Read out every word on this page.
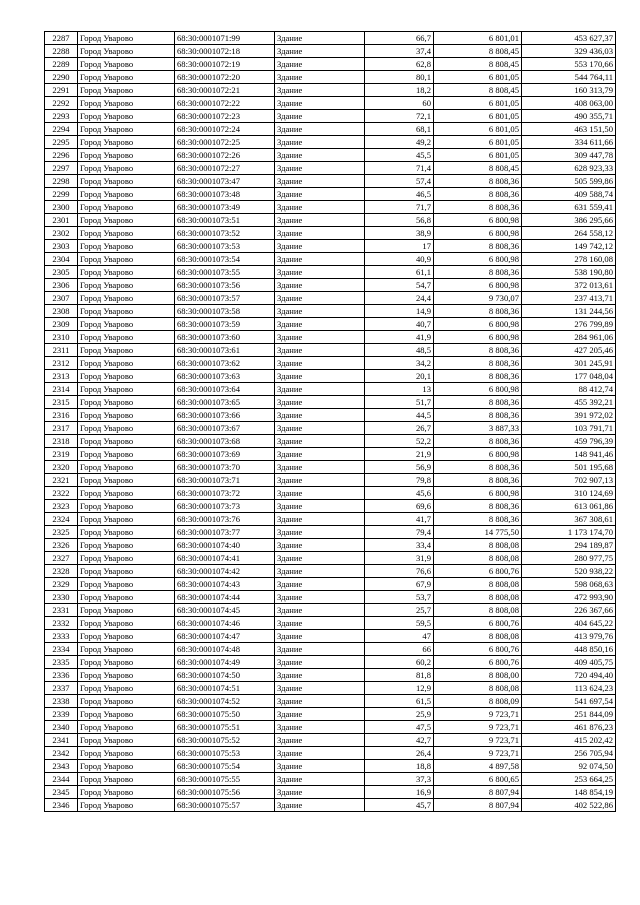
2287	Город Уварово	68:30:0001071:99	Здание	66,7	6 801,01	453 627,37
2288	Город Уварово	68:30:0001072:18	Здание	37,4	8 808,45	329 436,03
2289	Город Уварово	68:30:0001072:19	Здание	62,8	8 808,45	553 170,66
2290	Город Уварово	68:30:0001072:20	Здание	80,1	6 801,05	544 764,11
2291	Город Уварово	68:30:0001072:21	Здание	18,2	8 808,45	160 313,79
2292	Город Уварово	68:30:0001072:22	Здание	60	6 801,05	408 063,00
2293	Город Уварово	68:30:0001072:23	Здание	72,1	6 801,05	490 355,71
2294	Город Уварово	68:30:0001072:24	Здание	68,1	6 801,05	463 151,50
2295	Город Уварово	68:30:0001072:25	Здание	49,2	6 801,05	334 611,66
2296	Город Уварово	68:30:0001072:26	Здание	45,5	6 801,05	309 447,78
2297	Город Уварово	68:30:0001072:27	Здание	71,4	8 808,45	628 923,33
2298	Город Уварово	68:30:0001073:47	Здание	57,4	8 808,36	505 599,86
2299	Город Уварово	68:30:0001073:48	Здание	46,5	8 808,36	409 588,74
2300	Город Уварово	68:30:0001073:49	Здание	71,7	8 808,36	631 559,41
2301	Город Уварово	68:30:0001073:51	Здание	56,8	6 800,98	386 295,66
2302	Город Уварово	68:30:0001073:52	Здание	38,9	6 800,98	264 558,12
2303	Город Уварово	68:30:0001073:53	Здание	17	8 808,36	149 742,12
2304	Город Уварово	68:30:0001073:54	Здание	40,9	6 800,98	278 160,08
2305	Город Уварово	68:30:0001073:55	Здание	61,1	8 808,36	538 190,80
2306	Город Уварово	68:30:0001073:56	Здание	54,7	6 800,98	372 013,61
2307	Город Уварово	68:30:0001073:57	Здание	24,4	9 730,07	237 413,71
2308	Город Уварово	68:30:0001073:58	Здание	14,9	8 808,36	131 244,56
2309	Город Уварово	68:30:0001073:59	Здание	40,7	6 800,98	276 799,89
2310	Город Уварово	68:30:0001073:60	Здание	41,9	6 800,98	284 961,06
2311	Город Уварово	68:30:0001073:61	Здание	48,5	8 808,36	427 205,46
2312	Город Уварово	68:30:0001073:62	Здание	34,2	8 808,36	301 245,91
2313	Город Уварово	68:30:0001073:63	Здание	20,1	8 808,36	177 048,04
2314	Город Уварово	68:30:0001073:64	Здание	13	6 800,98	88 412,74
2315	Город Уварово	68:30:0001073:65	Здание	51,7	8 808,36	455 392,21
2316	Город Уварово	68:30:0001073:66	Здание	44,5	8 808,36	391 972,02
2317	Город Уварово	68:30:0001073:67	Здание	26,7	3 887,33	103 791,71
2318	Город Уварово	68:30:0001073:68	Здание	52,2	8 808,36	459 796,39
2319	Город Уварово	68:30:0001073:69	Здание	21,9	6 800,98	148 941,46
2320	Город Уварово	68:30:0001073:70	Здание	56,9	8 808,36	501 195,68
2321	Город Уварово	68:30:0001073:71	Здание	79,8	8 808,36	702 907,13
2322	Город Уварово	68:30:0001073:72	Здание	45,6	6 800,98	310 124,69
2323	Город Уварово	68:30:0001073:73	Здание	69,6	8 808,36	613 061,86
2324	Город Уварово	68:30:0001073:76	Здание	41,7	8 808,36	367 308,61
2325	Город Уварово	68:30:0001073:77	Здание	79,4	14 775,50	1 173 174,70
2326	Город Уварово	68:30:0001074:40	Здание	33,4	8 808,08	294 189,87
2327	Город Уварово	68:30:0001074:41	Здание	31,9	8 808,08	280 977,75
2328	Город Уварово	68:30:0001074:42	Здание	76,6	6 800,76	520 938,22
2329	Город Уварово	68:30:0001074:43	Здание	67,9	8 808,08	598 068,63
2330	Город Уварово	68:30:0001074:44	Здание	53,7	8 808,08	472 993,90
2331	Город Уварово	68:30:0001074:45	Здание	25,7	8 808,08	226 367,66
2332	Город Уварово	68:30:0001074:46	Здание	59,5	6 800,76	404 645,22
2333	Город Уварово	68:30:0001074:47	Здание	47	8 808,08	413 979,76
2334	Город Уварово	68:30:0001074:48	Здание	66	6 800,76	448 850,16
2335	Город Уварово	68:30:0001074:49	Здание	60,2	6 800,76	409 405,75
2336	Город Уварово	68:30:0001074:50	Здание	81,8	8 808,00	720 494,40
2337	Город Уварово	68:30:0001074:51	Здание	12,9	8 808,08	113 624,23
2338	Город Уварово	68:30:0001074:52	Здание	61,5	8 808,09	541 697,54
2339	Город Уварово	68:30:0001075:50	Здание	25,9	9 723,71	251 844,09
2340	Город Уварово	68:30:0001075:51	Здание	47,5	9 723,71	461 876,23
2341	Город Уварово	68:30:0001075:52	Здание	42,7	9 723,71	415 202,42
2342	Город Уварово	68:30:0001075:53	Здание	26,4	9 723,71	256 705,94
2343	Город Уварово	68:30:0001075:54	Здание	18,8	4 897,58	92 074,50
2344	Город Уварово	68:30:0001075:55	Здание	37,3	6 800,65	253 664,25
2345	Город Уварово	68:30:0001075:56	Здание	16,9	8 807,94	148 854,19
2346	Город Уварово	68:30:0001075:57	Здание	45,7	8 807,94	402 522,86
